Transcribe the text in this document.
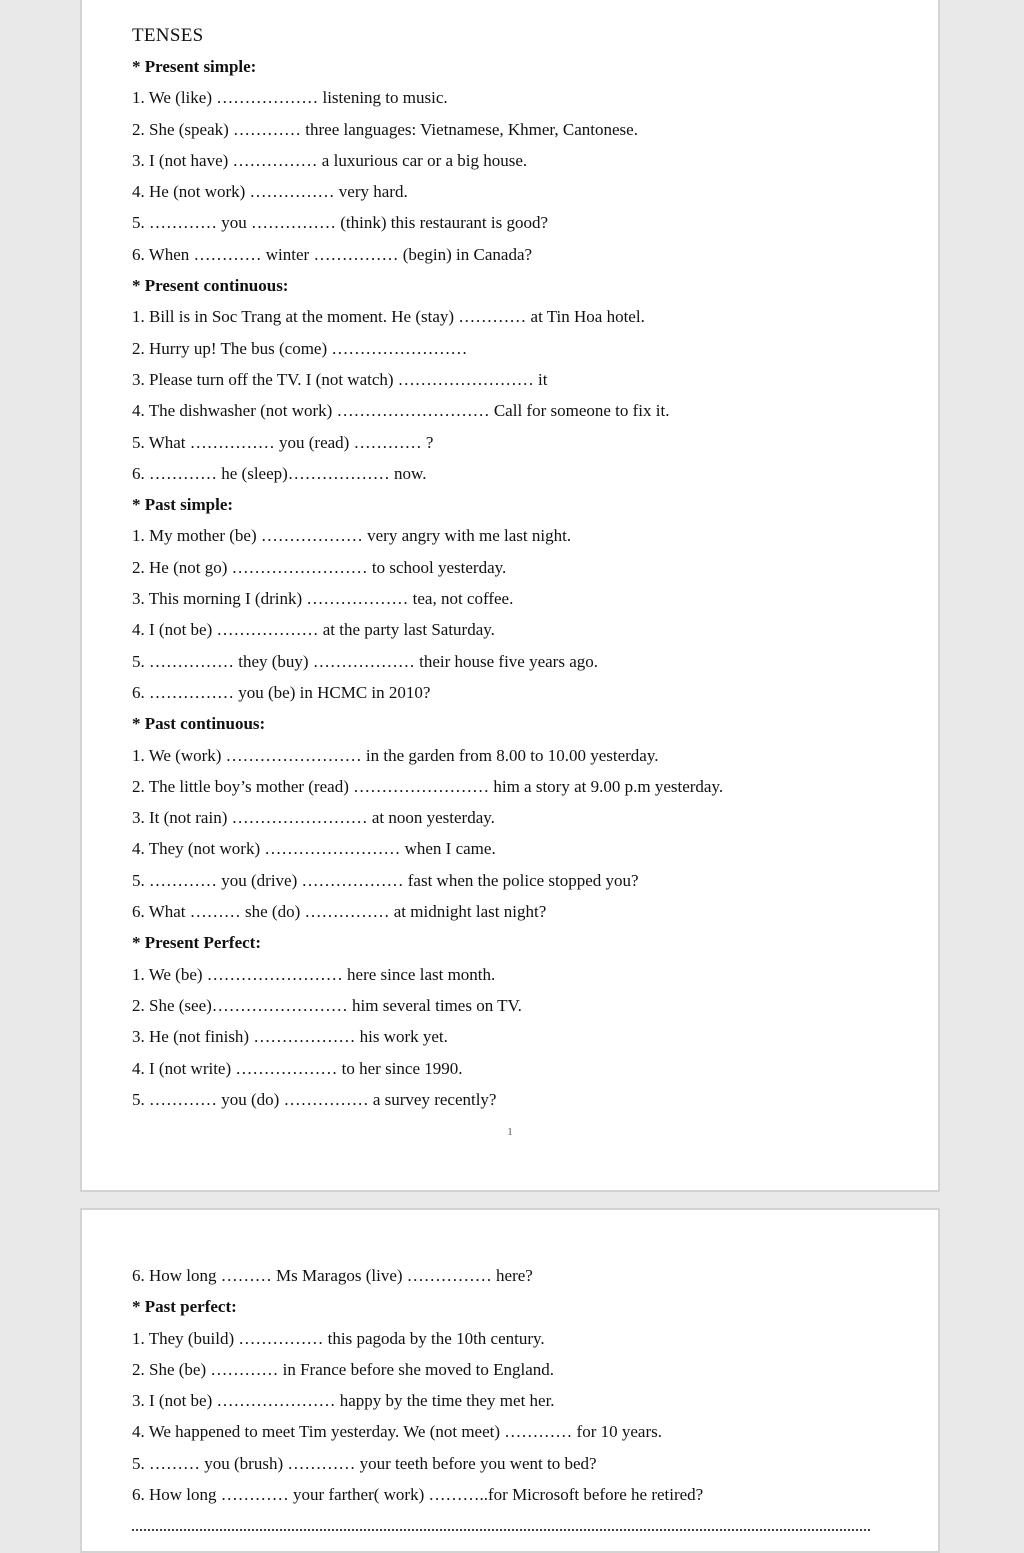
TENSES
* Present simple:
1. We (like) ……………… listening to music.
2. She (speak) ………… three languages: Vietnamese, Khmer, Cantonese.
3. I (not have) …………… a luxurious car or a big house.
4. He (not work) …………… very hard.
5. ………… you …………… (think) this restaurant is good?
6. When ………… winter …………… (begin) in Canada?
* Present continuous:
1. Bill is in Soc Trang at the moment. He (stay) ………… at Tin Hoa hotel.
2. Hurry up! The bus (come) ……………………
3. Please turn off the TV. I (not watch) …………………… it
4. The dishwasher (not work) ……………………… Call for someone to fix it.
5. What …………… you (read) ………… ?
6. ………… he (sleep)……………… now.
* Past simple:
1. My mother (be) ……………… very angry with me last night.
2. He (not go) …………………… to school yesterday.
3. This morning I (drink) ……………… tea, not coffee.
4. I (not be) ……………… at the party last Saturday.
5. …………… they (buy) ……………… their house five years ago.
6. …………… you (be) in HCMC in 2010?
* Past continuous:
1. We (work) …………………… in the garden from 8.00 to 10.00 yesterday.
2. The little boy’s mother (read) …………………… him a story at 9.00 p.m yesterday.
3. It (not rain) …………………… at noon yesterday.
4. They (not work) …………………… when I came.
5. ………… you (drive) ……………… fast when the police stopped you?
6. What ……… she (do) …………… at midnight last night?
* Present Perfect:
1. We (be) …………………… here since last month.
2. She (see)…………………… him several times on TV.
3. He (not finish) ……………… his work yet.
4. I (not write) ……………… to her since 1990.
5. ………… you (do) …………… a survey recently?
1
6. How long ……… Ms Maragos (live) …………… here?
* Past perfect:
1. They (build) …………… this pagoda by the 10th century.
2. She (be) ………… in France before she moved to England.
3. I (not be) ………………… happy by the time they met her.
4. We happened to meet Tim yesterday. We (not meet) ………… for 10 years.
5. ……… you (brush) ………… your teeth before you went to bed?
6. How long ………… your farther( work) ………..for Microsoft before he retired?
